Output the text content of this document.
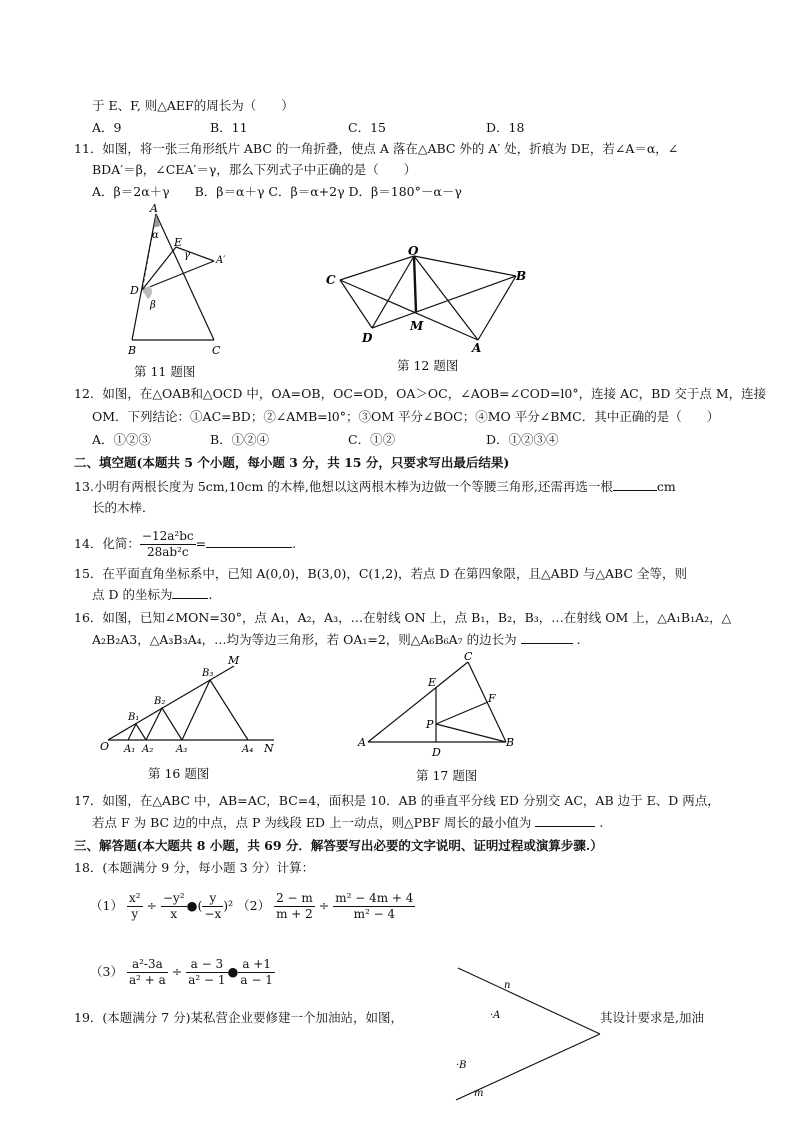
于 E、F, 则△AEF的周长为（　　）
A．9	B．11	C．15	D．18
11．如图，将一张三角形纸片 ABC 的一角折叠，使点 A 落在△ABC 外的 A′ 处，折痕为 DE，若∠A＝α，∠
BDA′＝β，∠CEA′＝γ，那么下列式子中正确的是（　　）
A．β＝2α＋γ　　B．β＝α＋γ C．β＝α+2γ D．β＝180°－α－γ
A
α
E
γ	A′
D
β
B	C
第 11 题图
O
C	B
D
M
A
第 12 题图
12．如图，在△OAB和△OCD 中，OA=OB，OC=OD，OA＞OC，∠AOB=∠COD=l0°，连接 AC，BD 交于点 M，连接
OM．下列结论：①AC=BD；②∠AMB=l0°；③OM 平分∠BOC；④MO 平分∠BMC．其中正确的是（　　）
A．①②③	B．①②④	C．①②	D．①②③④
二、填空题(本题共 5 个小题，每小题 3 分，共 15 分，只要求写出最后结果)
13.小明有两根长度为 5cm,10cm 的木棒,他想以这两根木棒为边做一个等腰三角形,还需再选一根	cm
长的木棒．
14．化简： $\frac{\text{−12a²bc}}{\text{28ab²c}}$ =	.
15．在平面直角坐标系中，已知 A(0,0)，B(3,0)，C(1,2)，若点 D 在第四象限，且△ABD 与△ABC 全等，则
点 D 的坐标为	.
16．如图，已知∠MON=30°，点 A₁，A₂，A₃，…在射线 ON 上，点 B₁，B₂，B₃，…在射线 OM 上，△A₁B₁A₂，△
A₂B₂A3，△A₃B₃A₄，…均为等边三角形，若 OA₁=2，则△A₆B₆A₇ 的边长为	.
M
B₃
B₂
B₁
O A₁ A₂ A₃	A₄ N
第 16 题图
C
E
F
P
A
D
B
第 17 题图
17．如图，在△ABC 中，AB=AC，BC=4，面积是 10．AB 的垂直平分线 ED 分别交 AC，AB 边于 E、D 两点，
若点 F 为 BC 边的中点，点 P 为线段 ED 上一动点，则△PBF 周长的最小值为	.
三、解答题(本大题共 8 小题，共 69 分．解答要写出必要的文字说明、证明过程或演算步骤.）
18．(本题满分 9 分，每小题 3 分）计算：
$(1) \frac{\text{x²}}{y} \div \frac{\text{−y²}}{x}$ ●( $\frac{y}{-x} )^2$ $(2) \frac{2 - m}{m + 2} \div \frac{\text{m² − 4m + 4}}{\text{m² − 4}}$
$(3) \frac{\text{a²-3a}}{\text{a² + a}} \div \frac{a - 3}{\text{a² − 1}}$ ● $\frac{a +1}{a - 1}$	n
·A
·B
m
19．(本题满分 7 分)某私营企业要修建一个加油站，如图，	其设计要求是,加油
